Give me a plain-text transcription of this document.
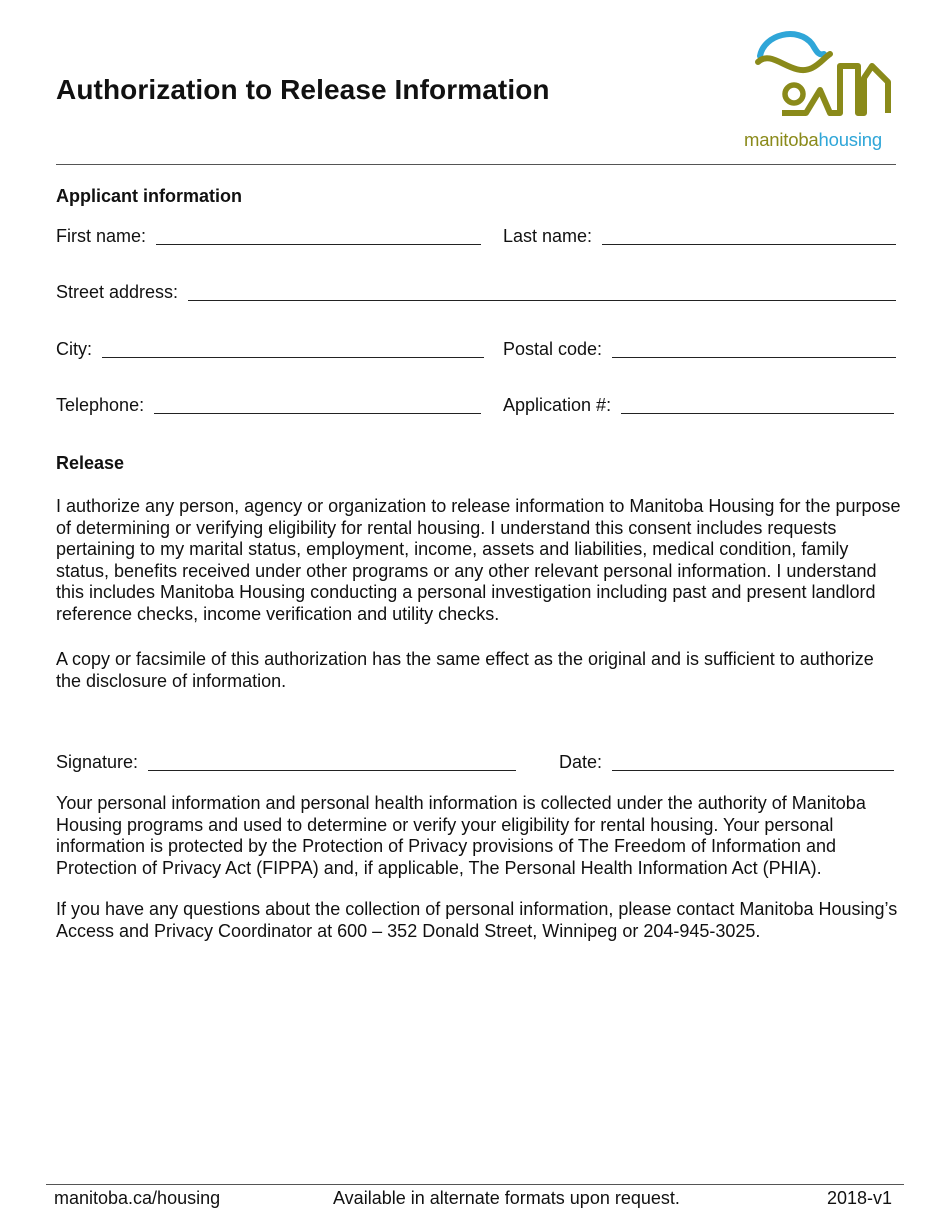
Authorization to Release Information
manitobahousing
Applicant information
First name:	Last name:
Street address:
City:	Postal code:
Telephone:	Application #:
Release
I authorize any person, agency or organization to release information to Manitoba Housing for the purpose of determining or verifying eligibility for rental housing. I understand this consent includes requests pertaining to my marital status, employment, income, assets and liabilities, medical condition, family status, benefits received under other programs or any other relevant personal information. I understand this includes Manitoba Housing conducting a personal investigation including past and present landlord reference checks, income verification and utility checks.
A copy or facsimile of this authorization has the same effect as the original and is sufficient to authorize the disclosure of information.
Signature:	Date:
Your personal information and personal health information is collected under the authority of Manitoba Housing programs and used to determine or verify your eligibility for rental housing. Your personal information is protected by the Protection of Privacy provisions of The Freedom of Information and Protection of Privacy Act (FIPPA) and, if applicable, The Personal Health Information Act (PHIA).
If you have any questions about the collection of personal information, please contact Manitoba Housing’s Access and Privacy Coordinator at 600 – 352 Donald Street, Winnipeg or 204-945-3025.
manitoba.ca/housing	Available in alternate formats upon request.	2018-v1
